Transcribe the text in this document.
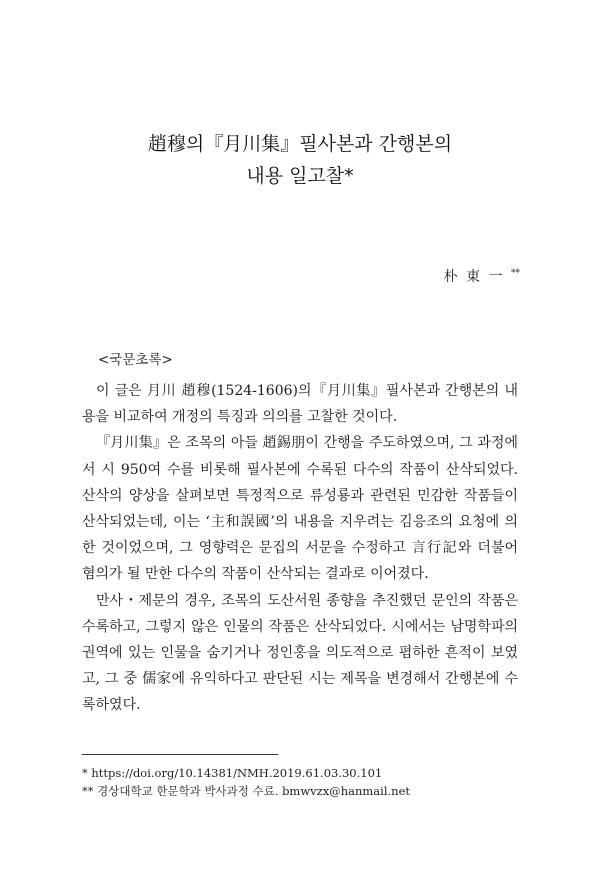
趙穆의『月川集』필사본과 간행본의
내용 일고찰*
朴 東 一 **
<국문초록>

이 글은 月川 趙穆(1524-1606)의『月川集』필사본과 간행본의 내용을 비교하여 개정의 특징과 의의를 고찰한 것이다.

『月川集』은 조목의 아들 趙錫朋이 간행을 주도하였으며, 그 과정에서 시 950여 수를 비롯해 필사본에 수록된 다수의 작품이 산삭되었다. 산삭의 양상을 살펴보면 특정적으로 류성룡과 관련된 민감한 작품들이 산삭되었는데, 이는 ‘主和誤國’의 내용을 지우려는 김응조의 요청에 의한 것이었으며, 그 영향력은 문집의 서문을 수정하고 言行記와 더불어 혐의가 될 만한 다수의 작품이 산삭되는 결과로 이어졌다.

만사・제문의 경우, 조목의 도산서원 종향을 추진했던 문인의 작품은 수록하고, 그렇지 않은 인물의 작품은 산삭되었다. 시에서는 남명학파의 권역에 있는 인물을 숨기거나 정인홍을 의도적으로 폄하한 흔적이 보였고, 그 중 儒家에 유익하다고 판단된 시는 제목을 변경해서 간행본에 수록하였다.

* https://doi.org/10.14381/NMH.2019.61.03.30.101
** 경상대학교 한문학과 박사과정 수료. bmwvzx@hanmail.net
